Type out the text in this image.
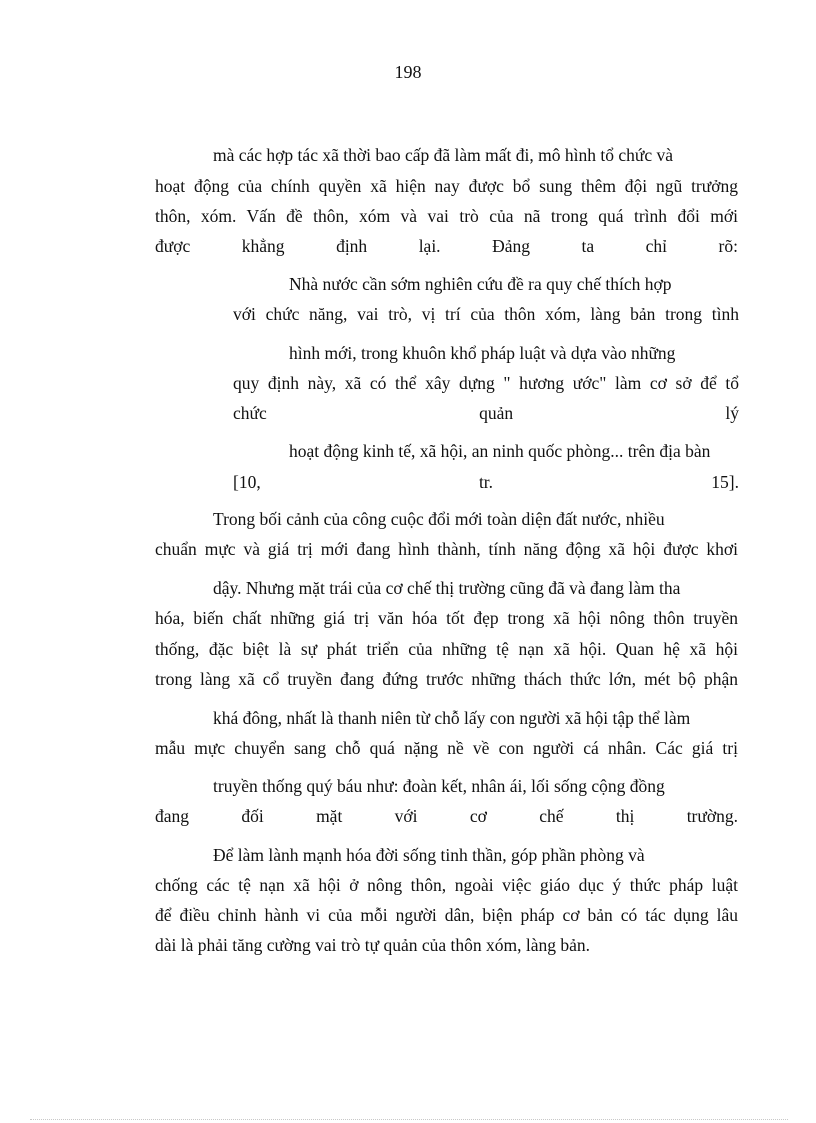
198
mà các hợp tác xã thời bao cấp đã làm mất đi, mô hình tổ chức và
hoạt động của chính quyền xã hiện nay được bổ sung thêm đội ngũ trưởng
thôn, xóm. Vấn đề thôn, xóm và vai trò của nã trong quá trình đổi mới
được khẳng định lại. Đảng ta chỉ rõ:
Nhà nước cần sớm nghiên cứu đề ra quy chế thích hợp
với chức năng, vai trò, vị trí của thôn xóm, làng bản trong tình
hình mới, trong khuôn khổ pháp luật và dựa vào những
quy định này, xã có thể xây dựng " hương ước" làm cơ sở để tổ
chức quản lý
hoạt động kinh tế, xã hội, an ninh quốc phòng... trên địa bàn
[10, tr. 15].
Trong bối cảnh của công cuộc đổi mới toàn diện đất nước, nhiều
chuẩn mực và giá trị mới đang hình thành, tính năng động xã hội được khơi
dậy. Nhưng mặt trái của cơ chế thị trường cũng đã và đang làm tha
hóa, biến chất những giá trị văn hóa tốt đẹp trong xã hội nông thôn truyền
thống, đặc biệt là sự phát triển của những tệ nạn xã hội. Quan hệ xã hội
trong làng xã cổ truyền đang đứng trước những thách thức lớn, mét bộ phận
khá đông, nhất là thanh niên từ chỗ lấy con người xã hội tập thể làm
mẫu mực chuyển sang chỗ quá nặng nề về con người cá nhân. Các giá trị
truyền thống quý báu như: đoàn kết, nhân ái, lối sống cộng đồng
đang đối mặt với cơ chế thị trường.
Để làm lành mạnh hóa đời sống tinh thần, góp phần phòng và
chống các tệ nạn xã hội ở nông thôn, ngoài việc giáo dục ý thức pháp luật
để điều chỉnh hành vi của mỗi người dân, biện pháp cơ bản có tác dụng lâu
dài là phải tăng cường vai trò tự quản của thôn xóm, làng bản.
